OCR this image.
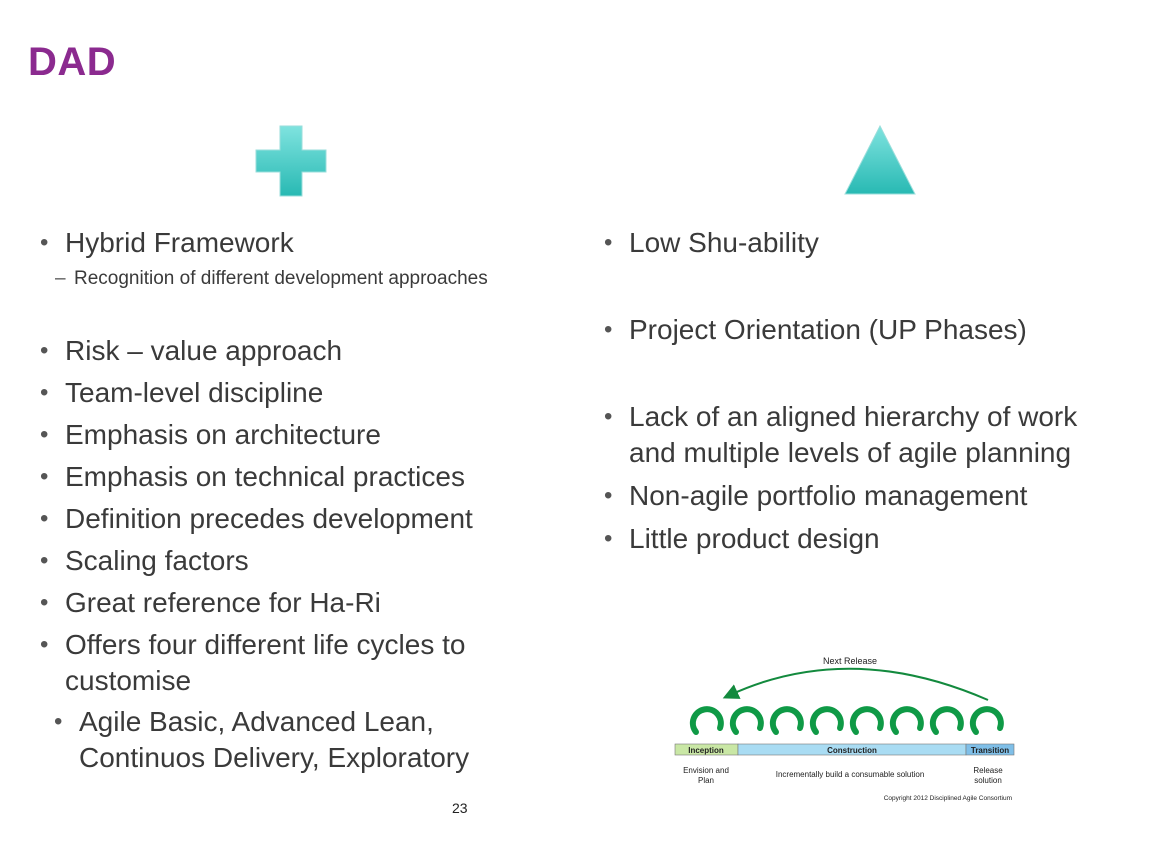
DAD
• Hybrid Framework
– Recognition of different development approaches
• Risk – value approach
• Team-level discipline
• Emphasis on architecture
• Emphasis on technical practices
• Definition precedes development
• Scaling factors
• Great reference for Ha-Ri
• Offers four different life cycles to customise
• Agile Basic, Advanced Lean, Continuos Delivery, Exploratory
• Low Shu-ability
• Project Orientation (UP Phases)
• Lack of an aligned hierarchy of work and multiple levels of agile planning
• Non-agile portfolio management
• Little product design
Next Release
Inception	Construction	Transition
Envision and
Plan
Incrementally build a consumable solution	Release
solution
Copyright 2012 Disciplined Agile Consortium
23
